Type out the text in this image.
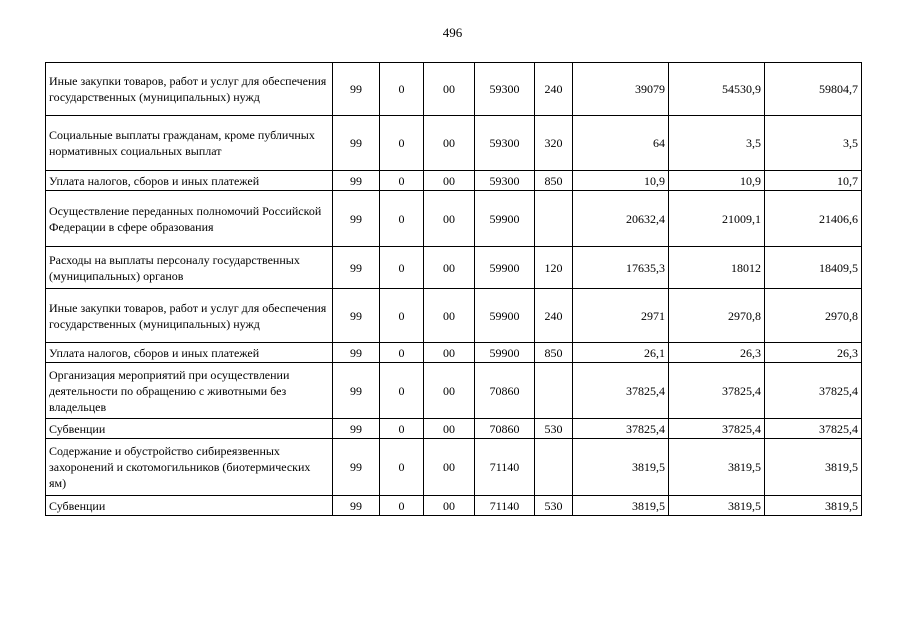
496
Иные закупки товаров, работ и услуг для обеспечения государственных (муниципальных) нужд	99	0	00	59300	240	39079	54530,9	59804,7
Социальные выплаты гражданам, кроме публичных нормативных социальных выплат	99	0	00	59300	320	64	3,5	3,5
Уплата налогов, сборов и иных платежей	99	0	00	59300	850	10,9	10,9	10,7
Осуществление переданных полномочий Российской Федерации в сфере образования	99	0	00	59900		20632,4	21009,1	21406,6
Расходы на выплаты персоналу государственных (муниципальных) органов	99	0	00	59900	120	17635,3	18012	18409,5
Иные закупки товаров, работ и услуг для обеспечения государственных (муниципальных) нужд	99	0	00	59900	240	2971	2970,8	2970,8
Уплата налогов, сборов и иных платежей	99	0	00	59900	850	26,1	26,3	26,3
Организация мероприятий при осуществлении деятельности по обращению с животными без владельцев	99	0	00	70860		37825,4	37825,4	37825,4
Субвенции	99	0	00	70860	530	37825,4	37825,4	37825,4
Содержание и обустройство сибиреязвенных захоронений и скотомогильников (биотермических ям)	99	0	00	71140		3819,5	3819,5	3819,5
Субвенции	99	0	00	71140	530	3819,5	3819,5	3819,5
